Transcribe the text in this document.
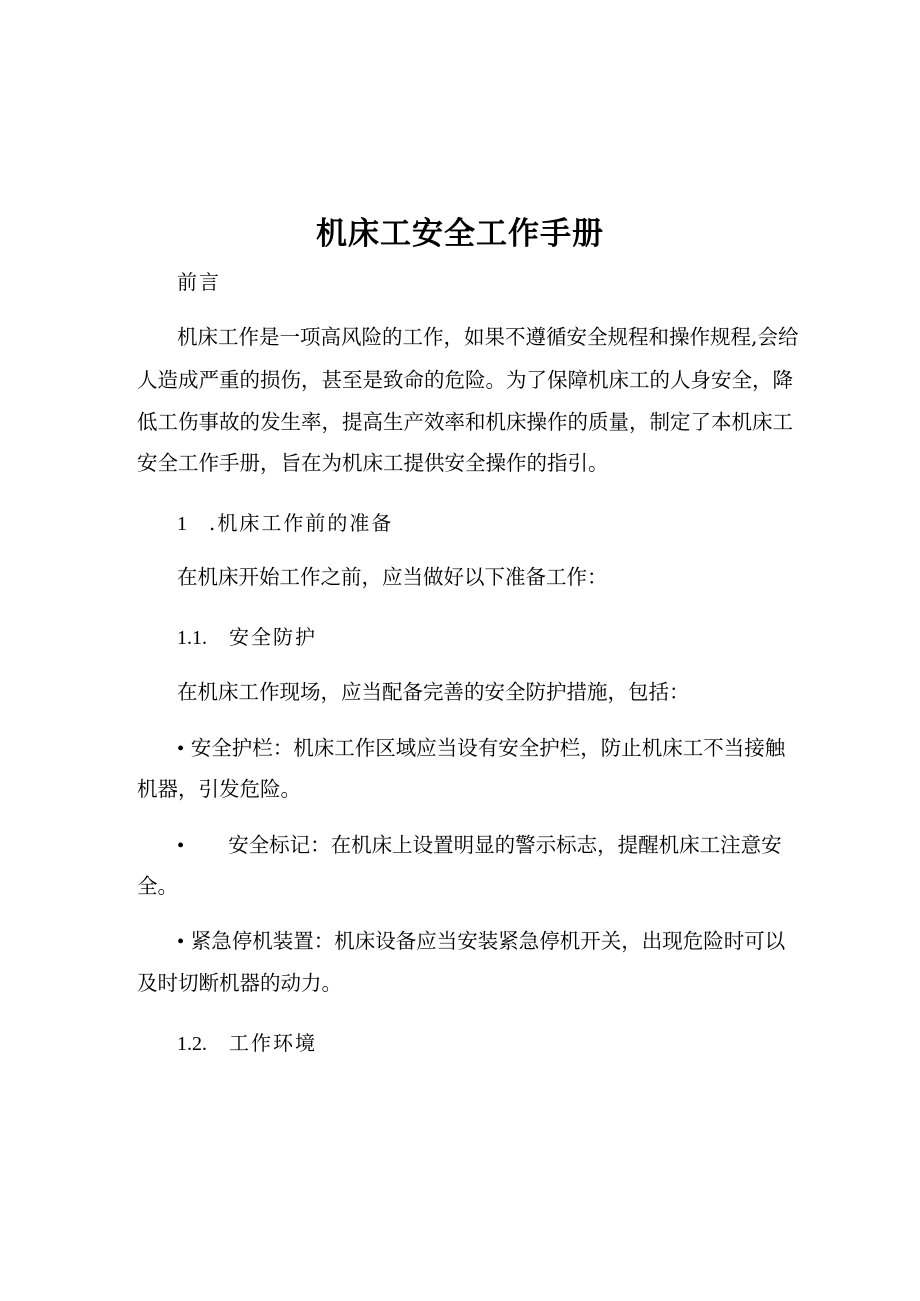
机床工安全工作手册
前言
机床工作是一项高风险的工作，如果不遵循安全规程和操作规程,会给
人造成严重的损伤，甚至是致命的危险。为了保障机床工的人身安全，降
低工伤事故的发生率，提高生产效率和机床操作的质量，制定了本机床工
安全工作手册，旨在为机床工提供安全操作的指引。
1 .机床工作前的准备
在机床开始工作之前，应当做好以下准备工作：
1.1. 安全防护
在机床工作现场，应当配备完善的安全防护措施，包括：
• 安全护栏：机床工作区域应当设有安全护栏，防止机床工不当接触
机器，引发危险。
• 安全标记：在机床上设置明显的警示标志，提醒机床工注意安
全。
• 紧急停机装置：机床设备应当安装紧急停机开关，出现危险时可以
及时切断机器的动力。
1.2. 工作环境
